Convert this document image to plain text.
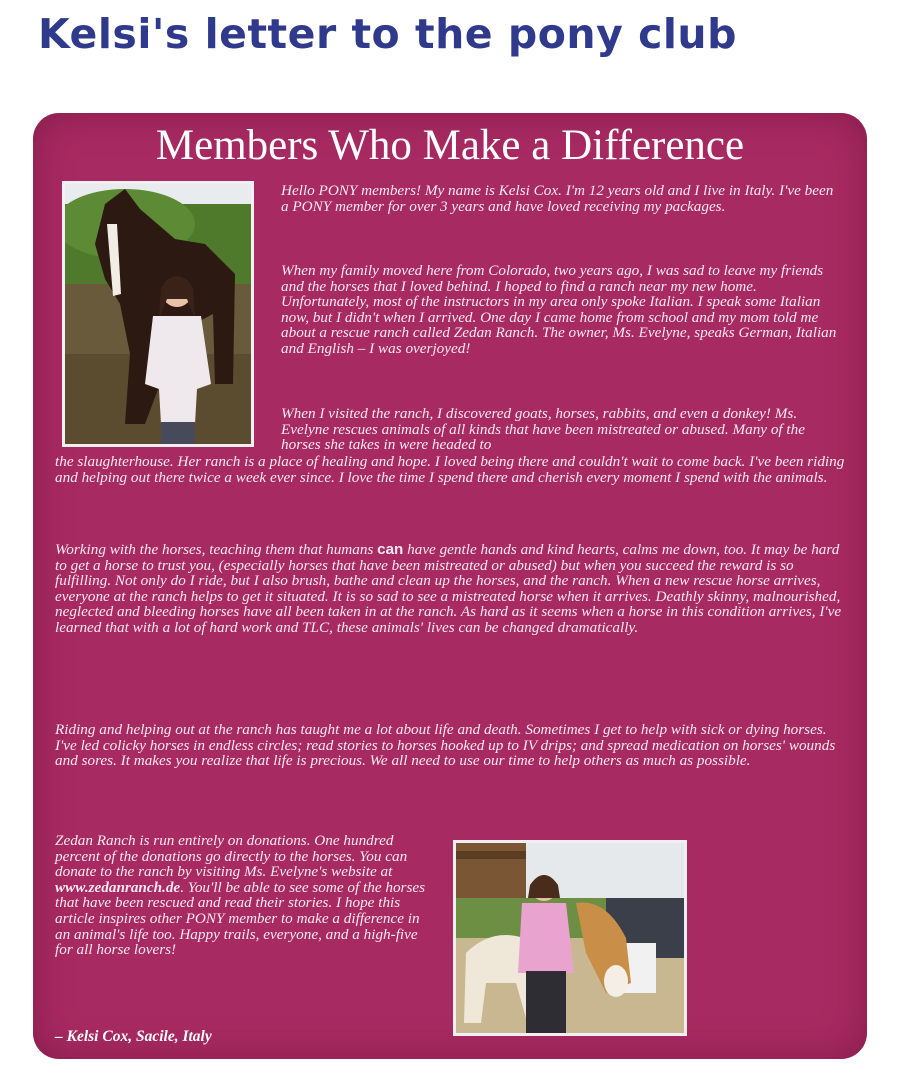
Kelsi's letter to the pony club
Members Who Make a Difference

Hello PONY members! My name is Kelsi Cox. I'm 12 years old and I live in Italy. I've been a PONY member for over 3 years and have loved receiving my packages.

When my family moved here from Colorado, two years ago, I was sad to leave my friends and the horses that I loved behind. I hoped to find a ranch near my new home. Unfortunately, most of the instructors in my area only spoke Italian. I speak some Italian now, but I didn't when I arrived. One day I came home from school and my mom told me about a rescue ranch called Zedan Ranch. The owner, Ms. Evelyne, speaks German, Italian and English – I was overjoyed!

When I visited the ranch, I discovered goats, horses, rabbits, and even a donkey! Ms. Evelyne rescues animals of all kinds that have been mistreated or abused. Many of the horses she takes in were headed to

the slaughterhouse. Her ranch is a place of healing and hope. I loved being there and couldn't wait to come back. I've been riding and helping out there twice a week ever since. I love the time I spend there and cherish every moment I spend with the animals.

Working with the horses, teaching them that humans can have gentle hands and kind hearts, calms me down, too. It may be hard to get a horse to trust you, (especially horses that have been mistreated or abused) but when you succeed the reward is so fulfilling. Not only do I ride, but I also brush, bathe and clean up the horses, and the ranch. When a new rescue horse arrives, everyone at the ranch helps to get it situated. It is so sad to see a mistreated horse when it arrives. Deathly skinny, malnourished, neglected and bleeding horses have all been taken in at the ranch. As hard as it seems when a horse in this condition arrives, I've learned that with a lot of hard work and TLC, these animals' lives can be changed dramatically.

Riding and helping out at the ranch has taught me a lot about life and death. Sometimes I get to help with sick or dying horses. I've led colicky horses in endless circles; read stories to horses hooked up to IV drips; and spread medication on horses' wounds and sores. It makes you realize that life is precious. We all need to use our time to help others as much as possible.

Zedan Ranch is run entirely on donations. One hundred percent of the donations go directly to the horses. You can donate to the ranch by visiting Ms. Evelyne's website at www.zedanranch.de. You'll be able to see some of the horses that have been rescued and read their stories. I hope this article inspires other PONY member to make a difference in an animal's life too. Happy trails, everyone, and a high-five for all horse lovers!

– Kelsi Cox, Sacile, Italy
